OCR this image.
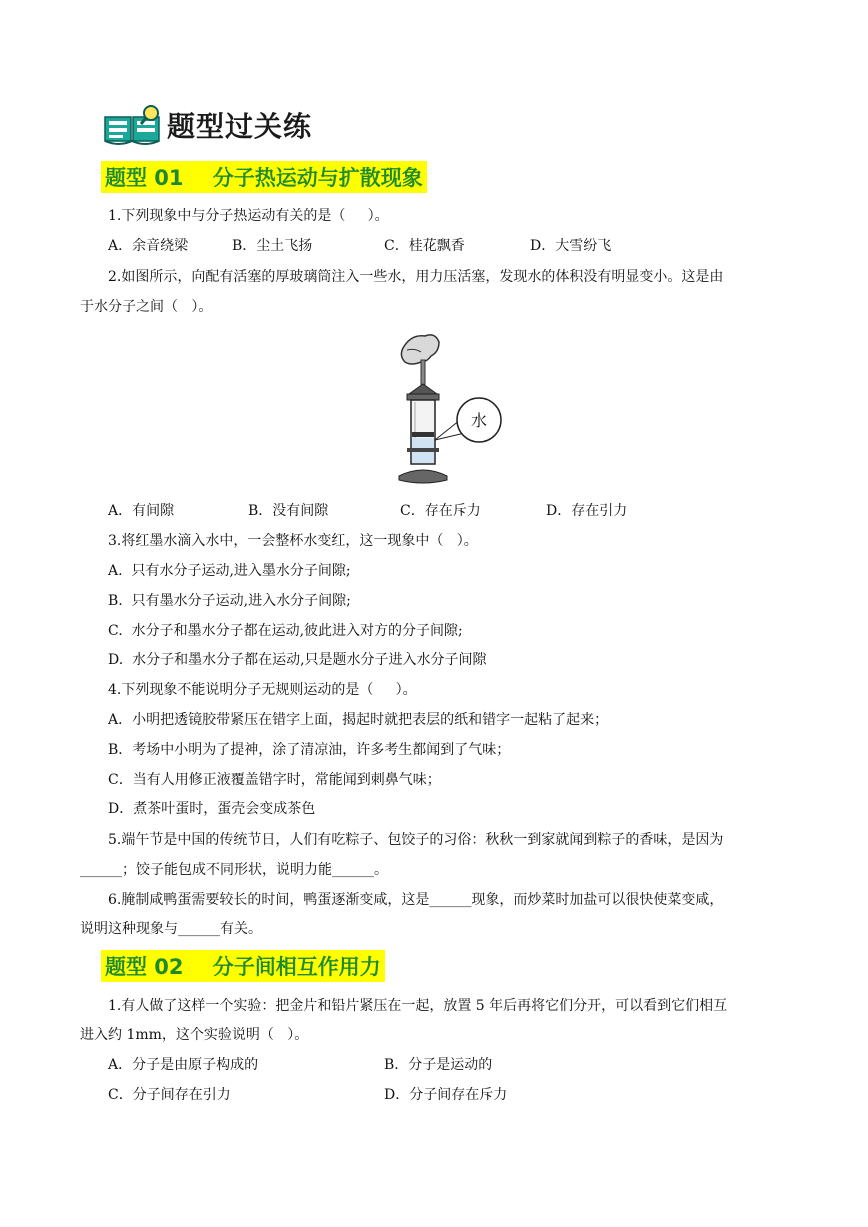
题型过关练
题型 01    分子热运动与扩散现象
1.下列现象中与分子热运动有关的是（     ）。
A．余音绕梁	B．尘土飞扬	C．桂花飘香	D．大雪纷飞
2.如图所示，向配有活塞的厚玻璃筒注入一些水，用力压活塞，发现水的体积没有明显变小。这是由
于水分子之间（   ）。
水
A．有间隙	B．没有间隙	C．存在斥力	D．存在引力
3.将红墨水滴入水中，一会整杯水变红，这一现象中（   ）。
A.  只有水分子运动,进入墨水分子间隙;
B.  只有墨水分子运动,进入水分子间隙;
C.  水分子和墨水分子都在运动,彼此进入对方的分子间隙;
D.  水分子和墨水分子都在运动,只是题水分子进入水分子间隙
4.下列现象不能说明分子无规则运动的是（     ）。
A．小明把透镜胶带紧压在错字上面，揭起时就把表层的纸和错字一起粘了起来；
B．考场中小明为了提神，涂了清凉油，许多考生都闻到了气味；
C．当有人用修正液覆盖错字时，常能闻到刺鼻气味；
D．煮茶叶蛋时，蛋壳会变成茶色
5.端午节是中国的传统节日，人们有吃粽子、包饺子的习俗：秋秋一到家就闻到粽子的香味，是因为
______；饺子能包成不同形状，说明力能______。
6.腌制咸鸭蛋需要较长的时间，鸭蛋逐渐变咸，这是______现象，而炒菜时加盐可以很快使菜变咸，
说明这种现象与______有关。
题型 02    分子间相互作用力
1.有人做了这样一个实验：把金片和铅片紧压在一起，放置 5 年后再将它们分开，可以看到它们相互
进入约 1mm，这个实验说明（   ）。
A．分子是由原子构成的	B．分子是运动的
C．分子间存在引力	D．分子间存在斥力
